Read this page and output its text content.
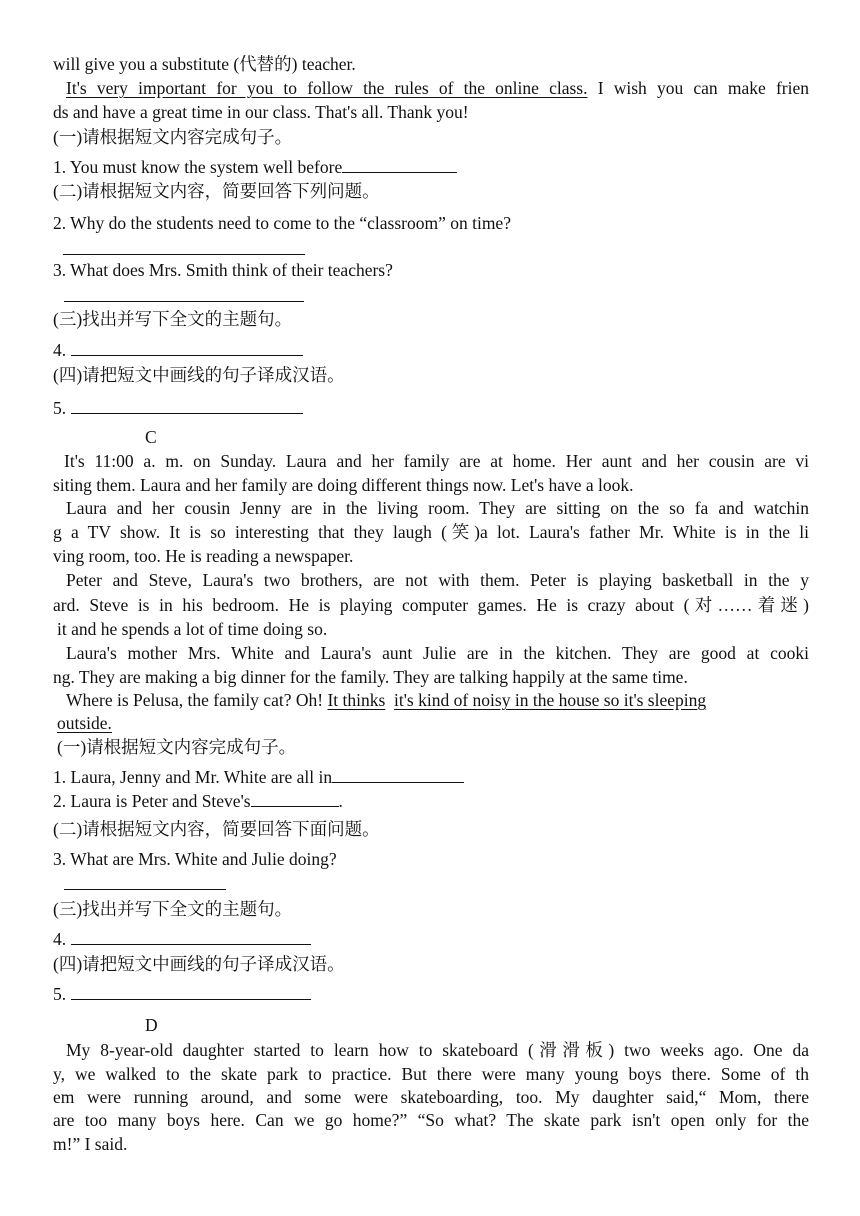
will give you a substitute (代替的) teacher.
It's very important for you to follow the rules of the online class. I wish you can make frien
ds and have a great time in our class. That's all. Thank you!
(一)请根据短文内容完成句子。
1. You must know the system well before
(二)请根据短文内容，简要回答下列问题。
2. Why do the students need to come to the “classroom” on time?
3. What does Mrs. Smith think of their teachers?
(三)找出并写下全文的主题句。
4.
(四)请把短文中画线的句子译成汉语。
5.
C
It's 11:00 a. m. on Sunday. Laura and her family are at home. Her aunt and her cousin are vi
siting them. Laura and her family are doing different things now. Let's have a look.
Laura and her cousin Jenny are in the living room. They are sitting on the so fa and watchin
g a TV show. It is so interesting that they laugh (笑)a lot. Laura's father Mr. White is in the li
ving room, too. He is reading a newspaper.
Peter and Steve, Laura's two brothers, are not with them. Peter is playing basketball in the y
ard. Steve is in his bedroom. He is playing computer games. He is crazy about (对……着迷)
it and he spends a lot of time doing so.
Laura's mother Mrs. White and Laura's aunt Julie are in the kitchen. They are good at cooki
ng. They are making a big dinner for the family. They are talking happily at the same time.
Where is Pelusa, the family cat? Oh! It thinks it's kind of noisy in the house so it's sleeping
outside.
(一)请根据短文内容完成句子。
1. Laura, Jenny and Mr. White are all in
2. Laura is Peter and Steve's	.
(二)请根据短文内容，简要回答下面问题。
3. What are Mrs. White and Julie doing?
(三)找出并写下全文的主题句。
4.
(四)请把短文中画线的句子译成汉语。
5.
D
My 8-year-old daughter started to learn how to skateboard (滑滑板) two weeks ago. One da
y, we walked to the skate park to practice. But there were many young boys there. Some of th
em were running around, and some were skateboarding, too. My daughter said,“ Mom, there
are too many boys here. Can we go home?” “So what? The skate park isn't open only for the
m!” I said.
